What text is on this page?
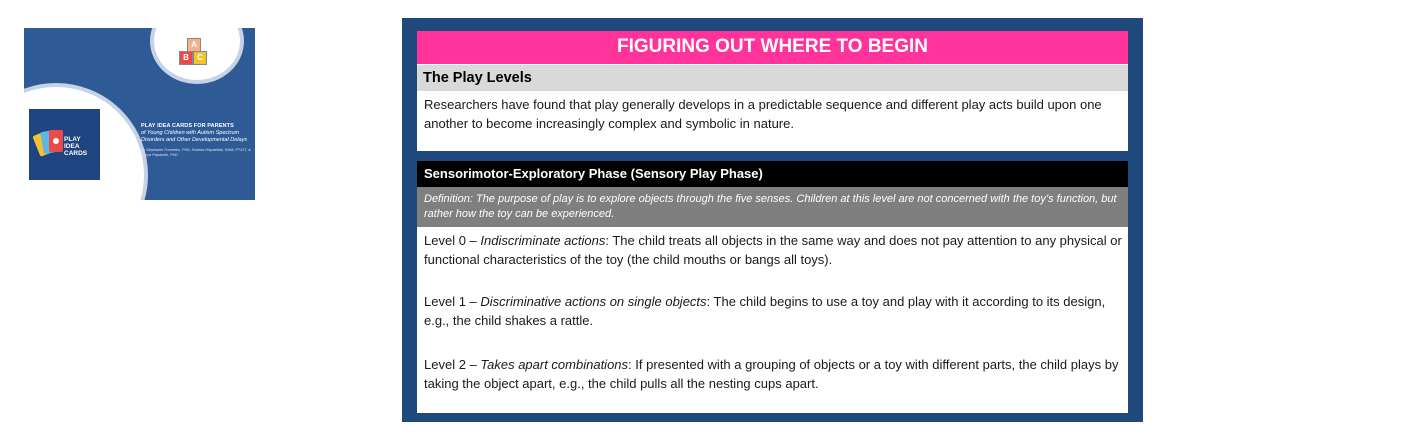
A
B	C
PLAY IDEA CARDS
PLAY IDEA CARDS FOR PARENTS
of Young Children with Autism Spectrum Disorders and Other Developmental Delays
by Stephanie Fomenko, PhD, Kristina Hepathida, RAM, PT/OT, & Tonya Papandis, PhD
FIGURING OUT WHERE TO BEGIN
The Play Levels
Researchers have found that play generally develops in a predictable sequence and different play acts build upon one another to become increasingly complex and symbolic in nature.
Sensorimotor-Exploratory Phase (Sensory Play Phase)
Definition: The purpose of play is to explore objects through the five senses. Children at this level are not concerned with the toy’s function, but rather how the toy can be experienced.
Level 0 – Indiscriminate actions: The child treats all objects in the same way and does not pay attention to any physical or functional characteristics of the toy (the child mouths or bangs all toys).
Level 1 – Discriminative actions on single objects: The child begins to use a toy and play with it according to its design, e.g., the child shakes a rattle.
Level 2 – Takes apart combinations: If presented with a grouping of objects or a toy with different parts, the child plays by taking the object apart, e.g., the child pulls all the nesting cups apart.
